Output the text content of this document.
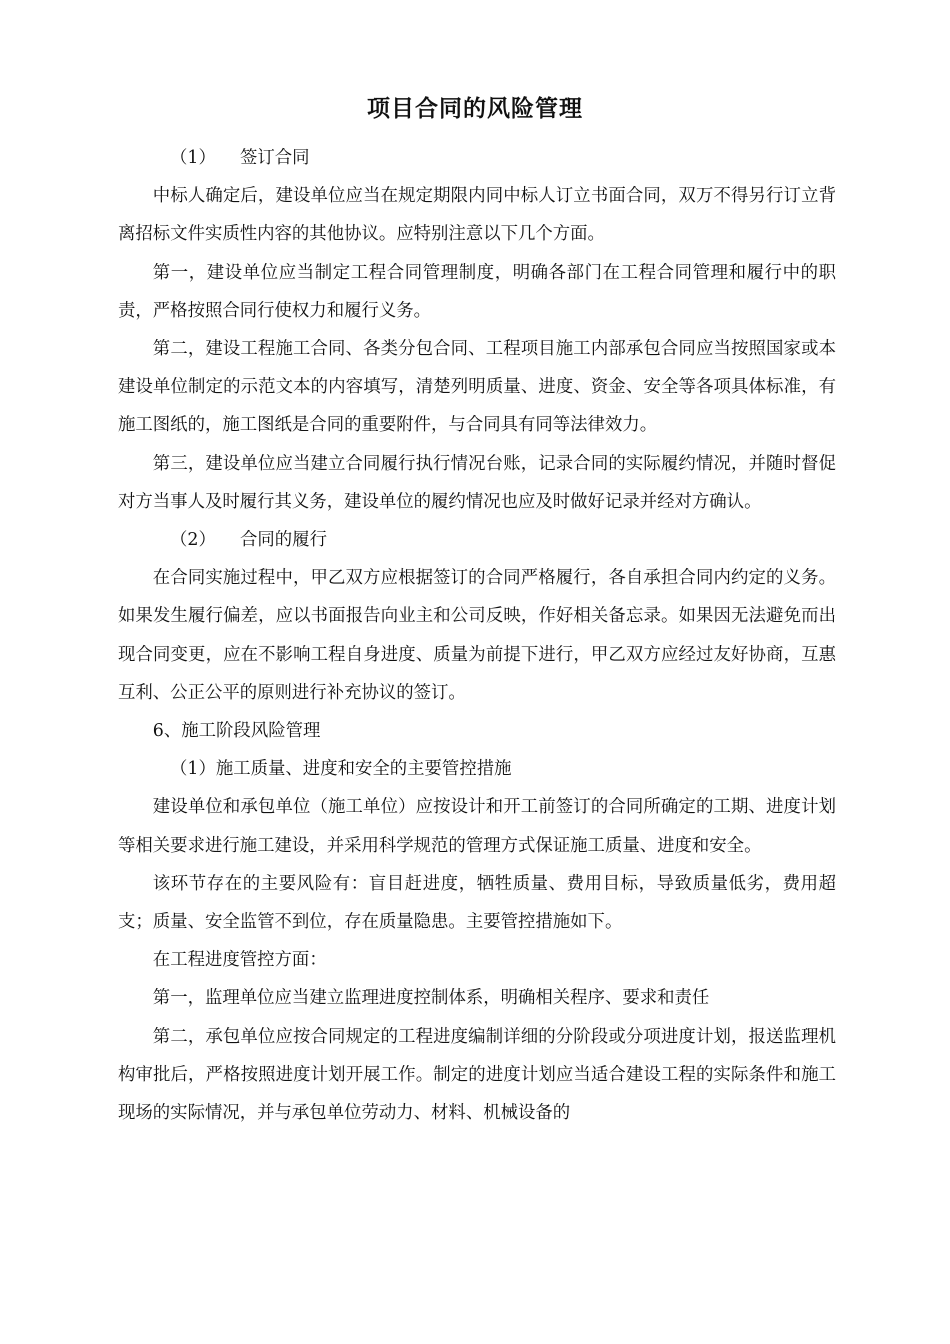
项目合同的风险管理
（1） 签订合同

中标人确定后，建设单位应当在规定期限内同中标人订立书面合同，双万不得另行订立背离招标文件实质性内容的其他协议。应特别注意以下几个方面。

第一，建设单位应当制定工程合同管理制度，明确各部门在工程合同管理和履行中的职责，严格按照合同行使权力和履行义务。

第二，建设工程施工合同、各类分包合同、工程项目施工内部承包合同应当按照国家或本建设单位制定的示范文本的内容填写，清楚列明质量、进度、资金、安全等各项具体标准，有施工图纸的，施工图纸是合同的重要附件，与合同具有同等法律效力。

第三，建设单位应当建立合同履行执行情况台账，记录合同的实际履约情况，并随时督促对方当事人及时履行其义务，建设单位的履约情况也应及时做好记录并经对方确认。

（2） 合同的履行

在合同实施过程中，甲乙双方应根据签订的合同严格履行，各自承担合同内约定的义务。如果发生履行偏差，应以书面报告向业主和公司反映，作好相关备忘录。如果因无法避免而出现合同变更，应在不影响工程自身进度、质量为前提下进行，甲乙双方应经过友好协商，互惠互利、公正公平的原则进行补充协议的签订。

6、施工阶段风险管理

（1）施工质量、进度和安全的主要管控措施

建设单位和承包单位（施工单位）应按设计和开工前签订的合同所确定的工期、进度计划等相关要求进行施工建设，并采用科学规范的管理方式保证施工质量、进度和安全。

该环节存在的主要风险有：盲目赶进度，牺牲质量、费用目标，导致质量低劣，费用超支；质量、安全监管不到位，存在质量隐患。主要管控措施如下。

在工程进度管控方面：

第一，监理单位应当建立监理进度控制体系，明确相关程序、要求和责任

第二，承包单位应按合同规定的工程进度编制详细的分阶段或分项进度计划，报送监理机构审批后，严格按照进度计划开展工作。制定的进度计划应当适合建设工程的实际条件和施工现场的实际情况，并与承包单位劳动力、材料、机械设备的
